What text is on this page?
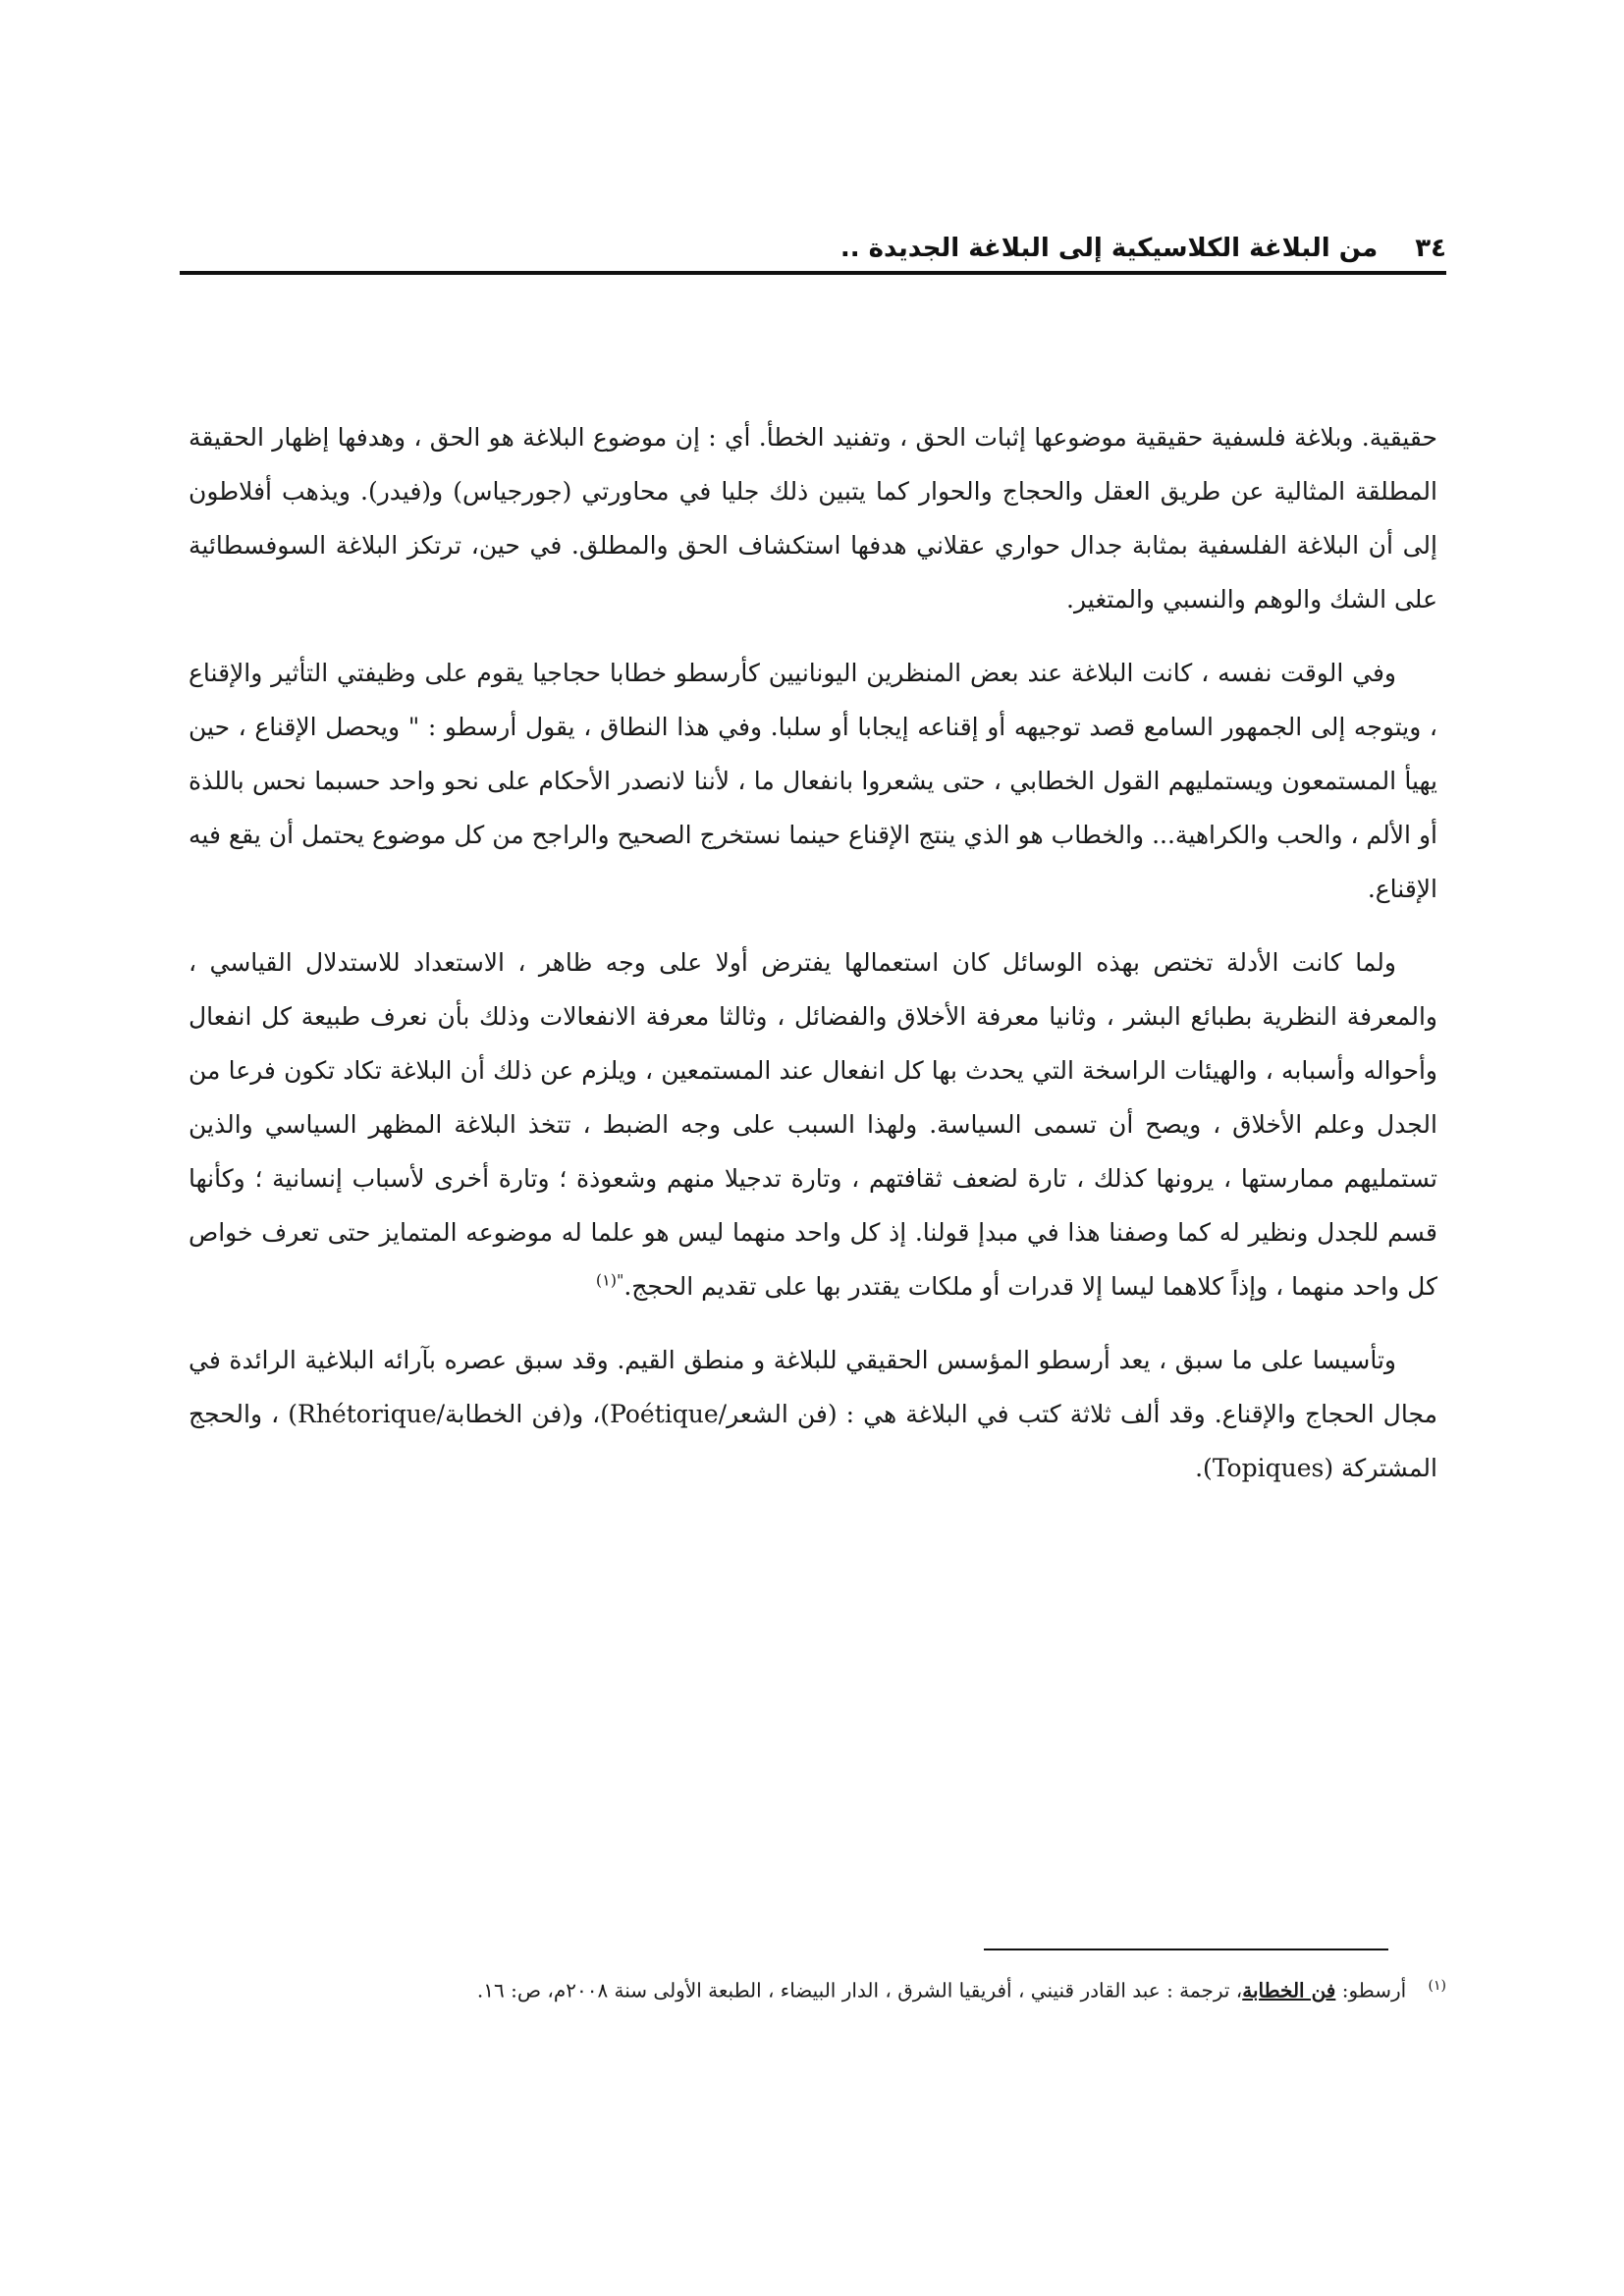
٣٤
من البلاغة الكلاسيكية إلى البلاغة الجديدة ..

حقيقية. وبلاغة فلسفية حقيقية موضوعها إثبات الحق ، وتفنيد الخطأ. أي : إن موضوع البلاغة هو الحق ، وهدفها إظهار الحقيقة المطلقة المثالية عن طريق العقل والحجاج والحوار كما يتبين ذلك جليا في محاورتي (جورجياس) و(فيدر). ويذهب أفلاطون إلى أن البلاغة الفلسفية بمثابة جدال حواري عقلاني هدفها استكشاف الحق والمطلق. في حين، ترتكز البلاغة السوفسطائية على الشك والوهم والنسبي والمتغير.

وفي الوقت نفسه ، كانت البلاغة عند بعض المنظرين اليونانيين كأرسطو خطابا حجاجيا يقوم على وظيفتي التأثير والإقناع ، ويتوجه إلى الجمهور السامع قصد توجيهه أو إقناعه إيجابا أو سلبا. وفي هذا النطاق ، يقول أرسطو : " ويحصل الإقناع ، حين يهيأ المستمعون ويستمليهم القول الخطابي ، حتى يشعروا بانفعال ما ، لأننا لانصدر الأحكام على نحو واحد حسبما نحس باللذة أو الألم ، والحب والكراهية... والخطاب هو الذي ينتج الإقناع حينما نستخرج الصحيح والراجح من كل موضوع يحتمل أن يقع فيه الإقناع.

ولما كانت الأدلة تختص بهذه الوسائل كان استعمالها يفترض أولا على وجه ظاهر ، الاستعداد للاستدلال القياسي ، والمعرفة النظرية بطبائع البشر ، وثانيا معرفة الأخلاق والفضائل ، وثالثا معرفة الانفعالات وذلك بأن نعرف طبيعة كل انفعال وأحواله وأسبابه ، والهيئات الراسخة التي يحدث بها كل انفعال عند المستمعين ، ويلزم عن ذلك أن البلاغة تكاد تكون فرعا من الجدل وعلم الأخلاق ، ويصح أن تسمى السياسة. ولهذا السبب على وجه الضبط ، تتخذ البلاغة المظهر السياسي والذين تستمليهم ممارستها ، يرونها كذلك ، تارة لضعف ثقافتهم ، وتارة تدجيلا منهم وشعوذة ؛ وتارة أخرى لأسباب إنسانية ؛ وكأنها قسم للجدل ونظير له كما وصفنا هذا في مبدإ قولنا. إذ كل واحد منهما ليس هو علما له موضوعه المتمايز حتى تعرف خواص كل واحد منهما ، وإذاً كلاهما ليسا إلا قدرات أو ملكات يقتدر بها على تقديم الحجج.$^{"(١)}$

وتأسيسا على ما سبق ، يعد أرسطو المؤسس الحقيقي للبلاغة و منطق القيم. وقد سبق عصره بآرائه البلاغية الرائدة في مجال الحجاج والإقناع. وقد ألف ثلاثة كتب في البلاغة هي : (فن الشعر/Poétique)، و(فن الخطابة/Rhétorique) ، والحجج المشتركة (Topiques).

$^{(١)}$ أرسطو: فن الخطابة، ترجمة : عبد القادر قنيني ، أفريقيا الشرق ، الدار البيضاء ، الطبعة الأولى سنة ٢٠٠٨م، ص: ١٦.
